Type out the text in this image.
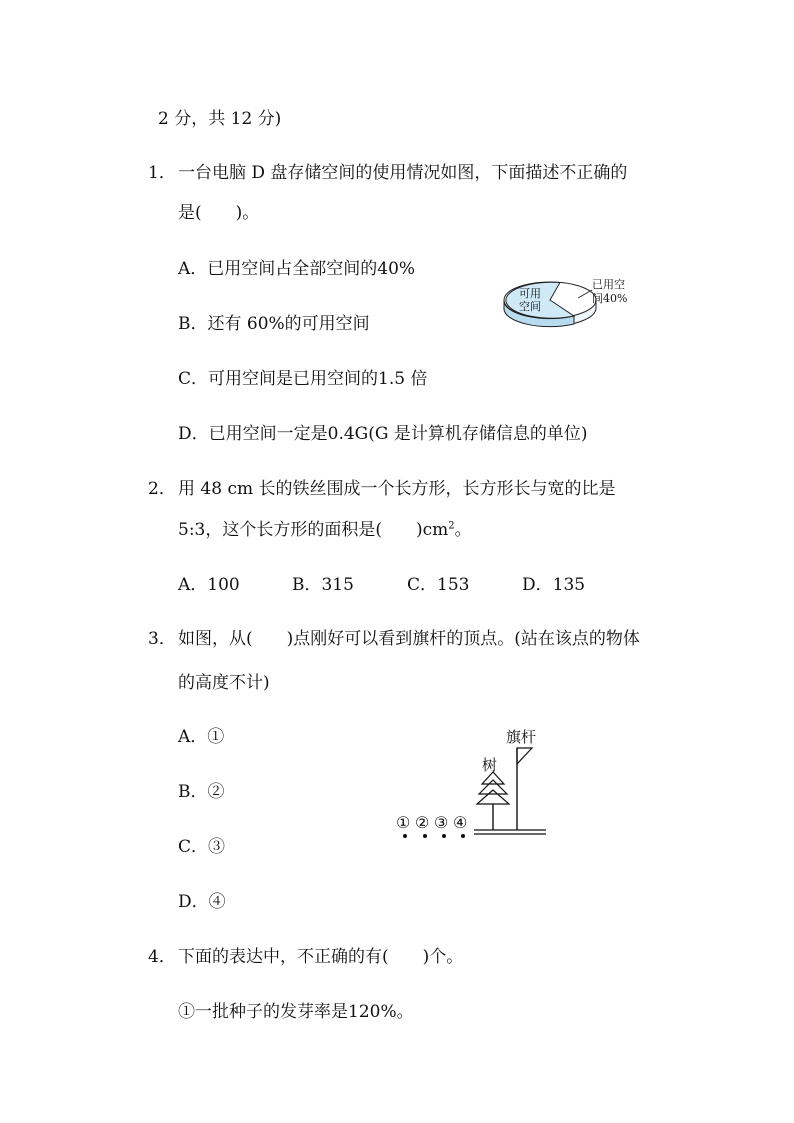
2 分，共 12 分)
1． 一台电脑 D 盘存储空间的使用情况如图，下面描述不正确的
是(　　)。
A．已用空间占全部空间的40%
B．还有 60%的可用空间
C．可用空间是已用空间的1.5 倍
D．已用空间一定是0.4G(G 是计算机存储信息的单位)
可用
空间
已用空
间40%
2． 用 48 cm 长的铁丝围成一个长方形，长方形长与宽的比是
5:3，这个长方形的面积是(　　)$cm^2$。
A．100	B．315	C．153	D．135
3． 如图，从(　　)点刚好可以看到旗杆的顶点。(站在该点的物体
的高度不计)
A．①
B．②
C．③
D．④
旗杆
树
① ② ③ ④
4． 下面的表达中，不正确的有(　　)个。
①一批种子的发芽率是120%。
